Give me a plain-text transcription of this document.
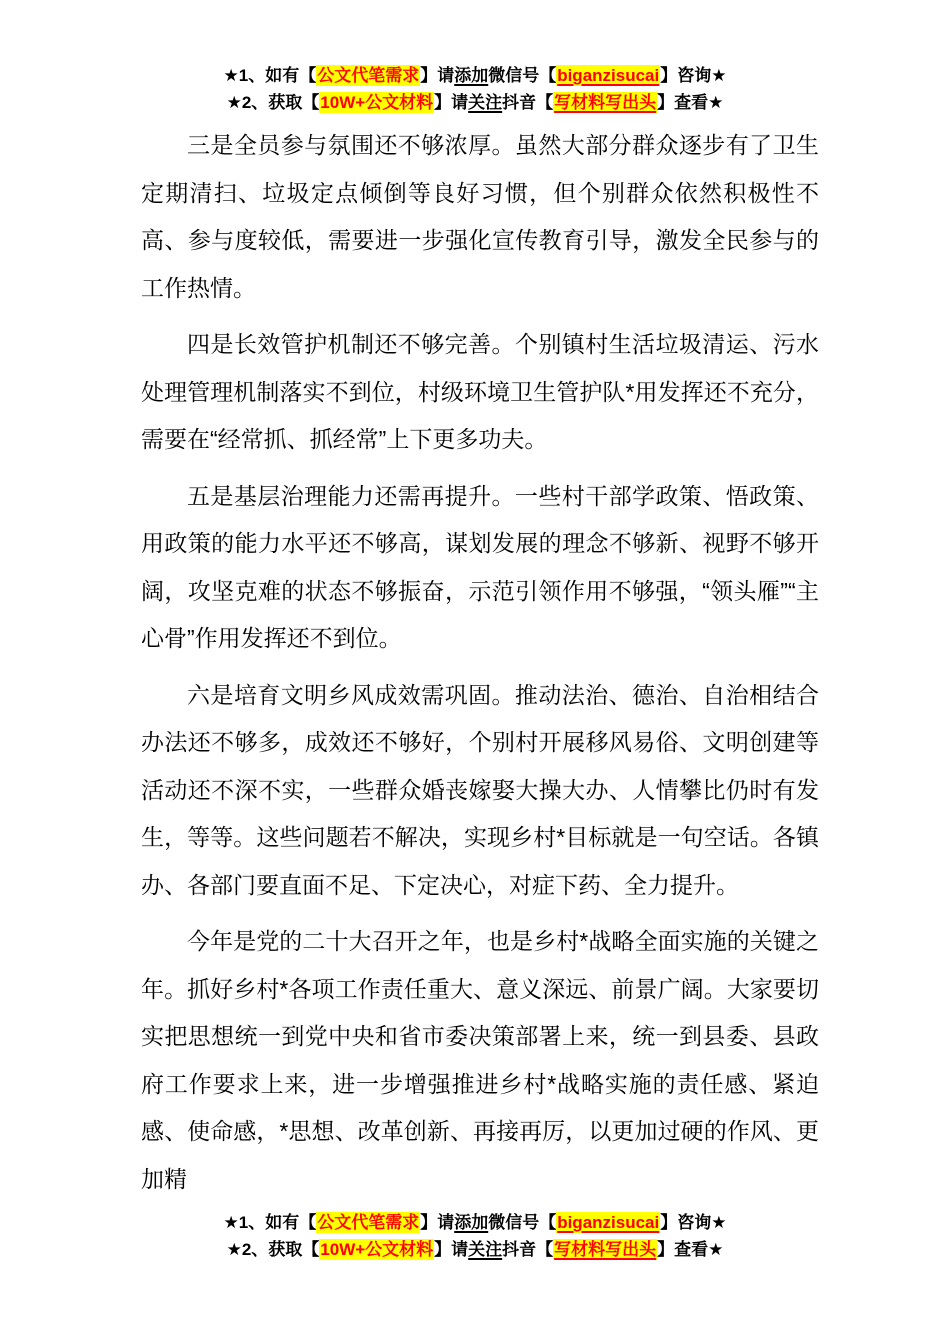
★1、如有【公文代笔需求】请添加微信号【biganzisucai】咨询★
★2、获取【10W+公文材料】请关注抖音【写材料写出头】查看★

三是全员参与氛围还不够浓厚。虽然大部分群众逐步有了卫生定期清扫、垃圾定点倾倒等良好习惯，但个别群众依然积极性不高、参与度较低，需要进一步强化宣传教育引导，激发全民参与的工作热情。

四是长效管护机制还不够完善。个别镇村生活垃圾清运、污水处理管理机制落实不到位，村级环境卫生管护队*用发挥还不充分，需要在“经常抓、抓经常”上下更多功夫。

五是基层治理能力还需再提升。一些村干部学政策、悟政策、用政策的能力水平还不够高，谋划发展的理念不够新、视野不够开阔，攻坚克难的状态不够振奋，示范引领作用不够强，“领头雁”“主心骨”作用发挥还不到位。

六是培育文明乡风成效需巩固。推动法治、德治、自治相结合办法还不够多，成效还不够好，个别村开展移风易俗、文明创建等活动还不深不实，一些群众婚丧嫁娶大操大办、人情攀比仍时有发生，等等。这些问题若不解决，实现乡村*目标就是一句空话。各镇办、各部门要直面不足、下定决心，对症下药、全力提升。

今年是党的二十大召开之年，也是乡村*战略全面实施的关键之年。抓好乡村*各项工作责任重大、意义深远、前景广阔。大家要切实把思想统一到党中央和省市委决策部署上来，统一到县委、县政府工作要求上来，进一步增强推进乡村*战略实施的责任感、紧迫感、使命感，*思想、改革创新、再接再厉，以更加过硬的作风、更加精

★1、如有【公文代笔需求】请添加微信号【biganzisucai】咨询★
★2、获取【10W+公文材料】请关注抖音【写材料写出头】查看★
